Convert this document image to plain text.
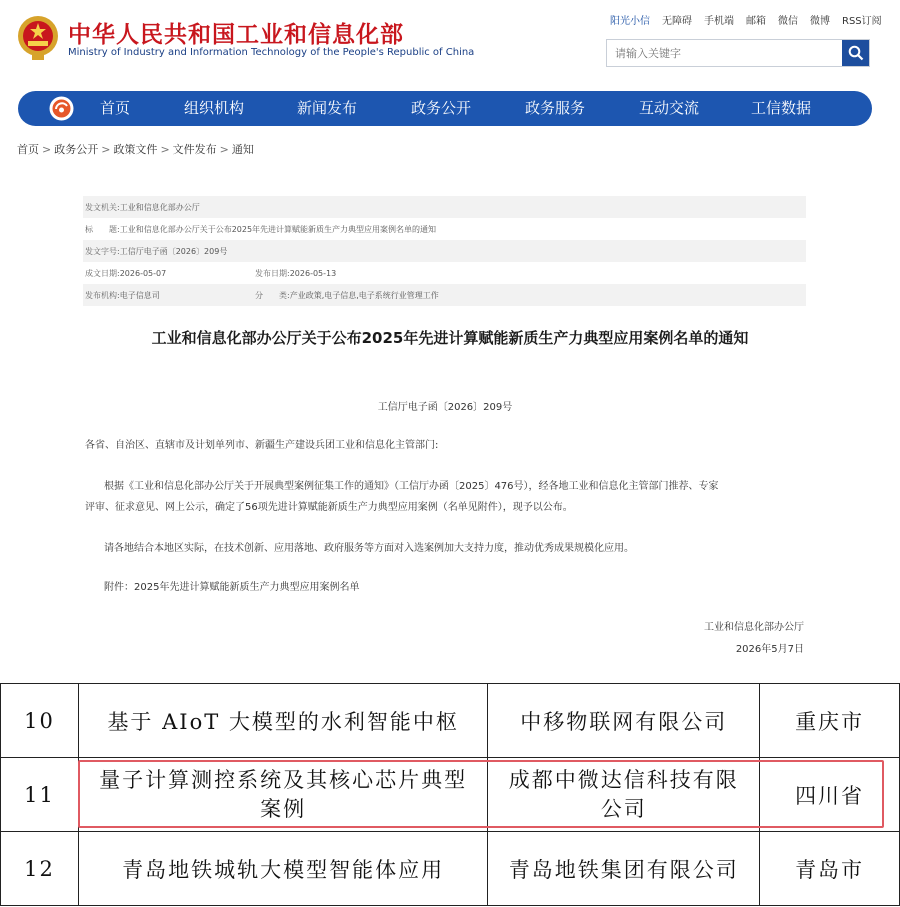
中华人民共和国工业和信息化部
Ministry of Industry and Information Technology of the People's Republic of China
阳光小信 无障碍 手机端 邮箱 微信 微博 RSS订阅
请输入关键字
首页	组织机构	新闻发布	政务公开	政务服务	互动交流	工信数据
首页 > 政务公开 > 政策文件 > 文件发布 > 通知
发文机关: 工业和信息化部办公厅
标　　题: 工业和信息化部办公厅关于公布2025年先进计算赋能新质生产力典型应用案例名单的通知
发文字号: 工信厅电子函〔2026〕209号
成文日期: 2026-05-07	发布日期:2026-05-13
发布机构: 电子信息司	分　　类:产业政策,电子信息,电子系统行业管理工作
工业和信息化部办公厅关于公布2025年先进计算赋能新质生产力典型应用案例名单的通知
工信厅电子函〔2026〕209号
各省、自治区、直辖市及计划单列市、新疆生产建设兵团工业和信息化主管部门:
根据《工业和信息化部办公厅关于开展典型案例征集工作的通知》（工信厅办函〔2025〕476号），经各地工业和信息化主管部门推荐、专家
评审、征求意见、网上公示，确定了56项先进计算赋能新质生产力典型应用案例（名单见附件），现予以公布。
请各地结合本地区实际，在技术创新、应用落地、政府服务等方面对入选案例加大支持力度，推动优秀成果规模化应用。
附件：2025年先进计算赋能新质生产力典型应用案例名单
工业和信息化部办公厅
2026年5月7日
10	基于 AIoT 大模型的水利智能中枢	中移物联网有限公司	重庆市
11	量子计算测控系统及其核心芯片典型案例	成都中微达信科技有限公司	四川省
12	青岛地铁城轨大模型智能体应用	青岛地铁集团有限公司	青岛市
